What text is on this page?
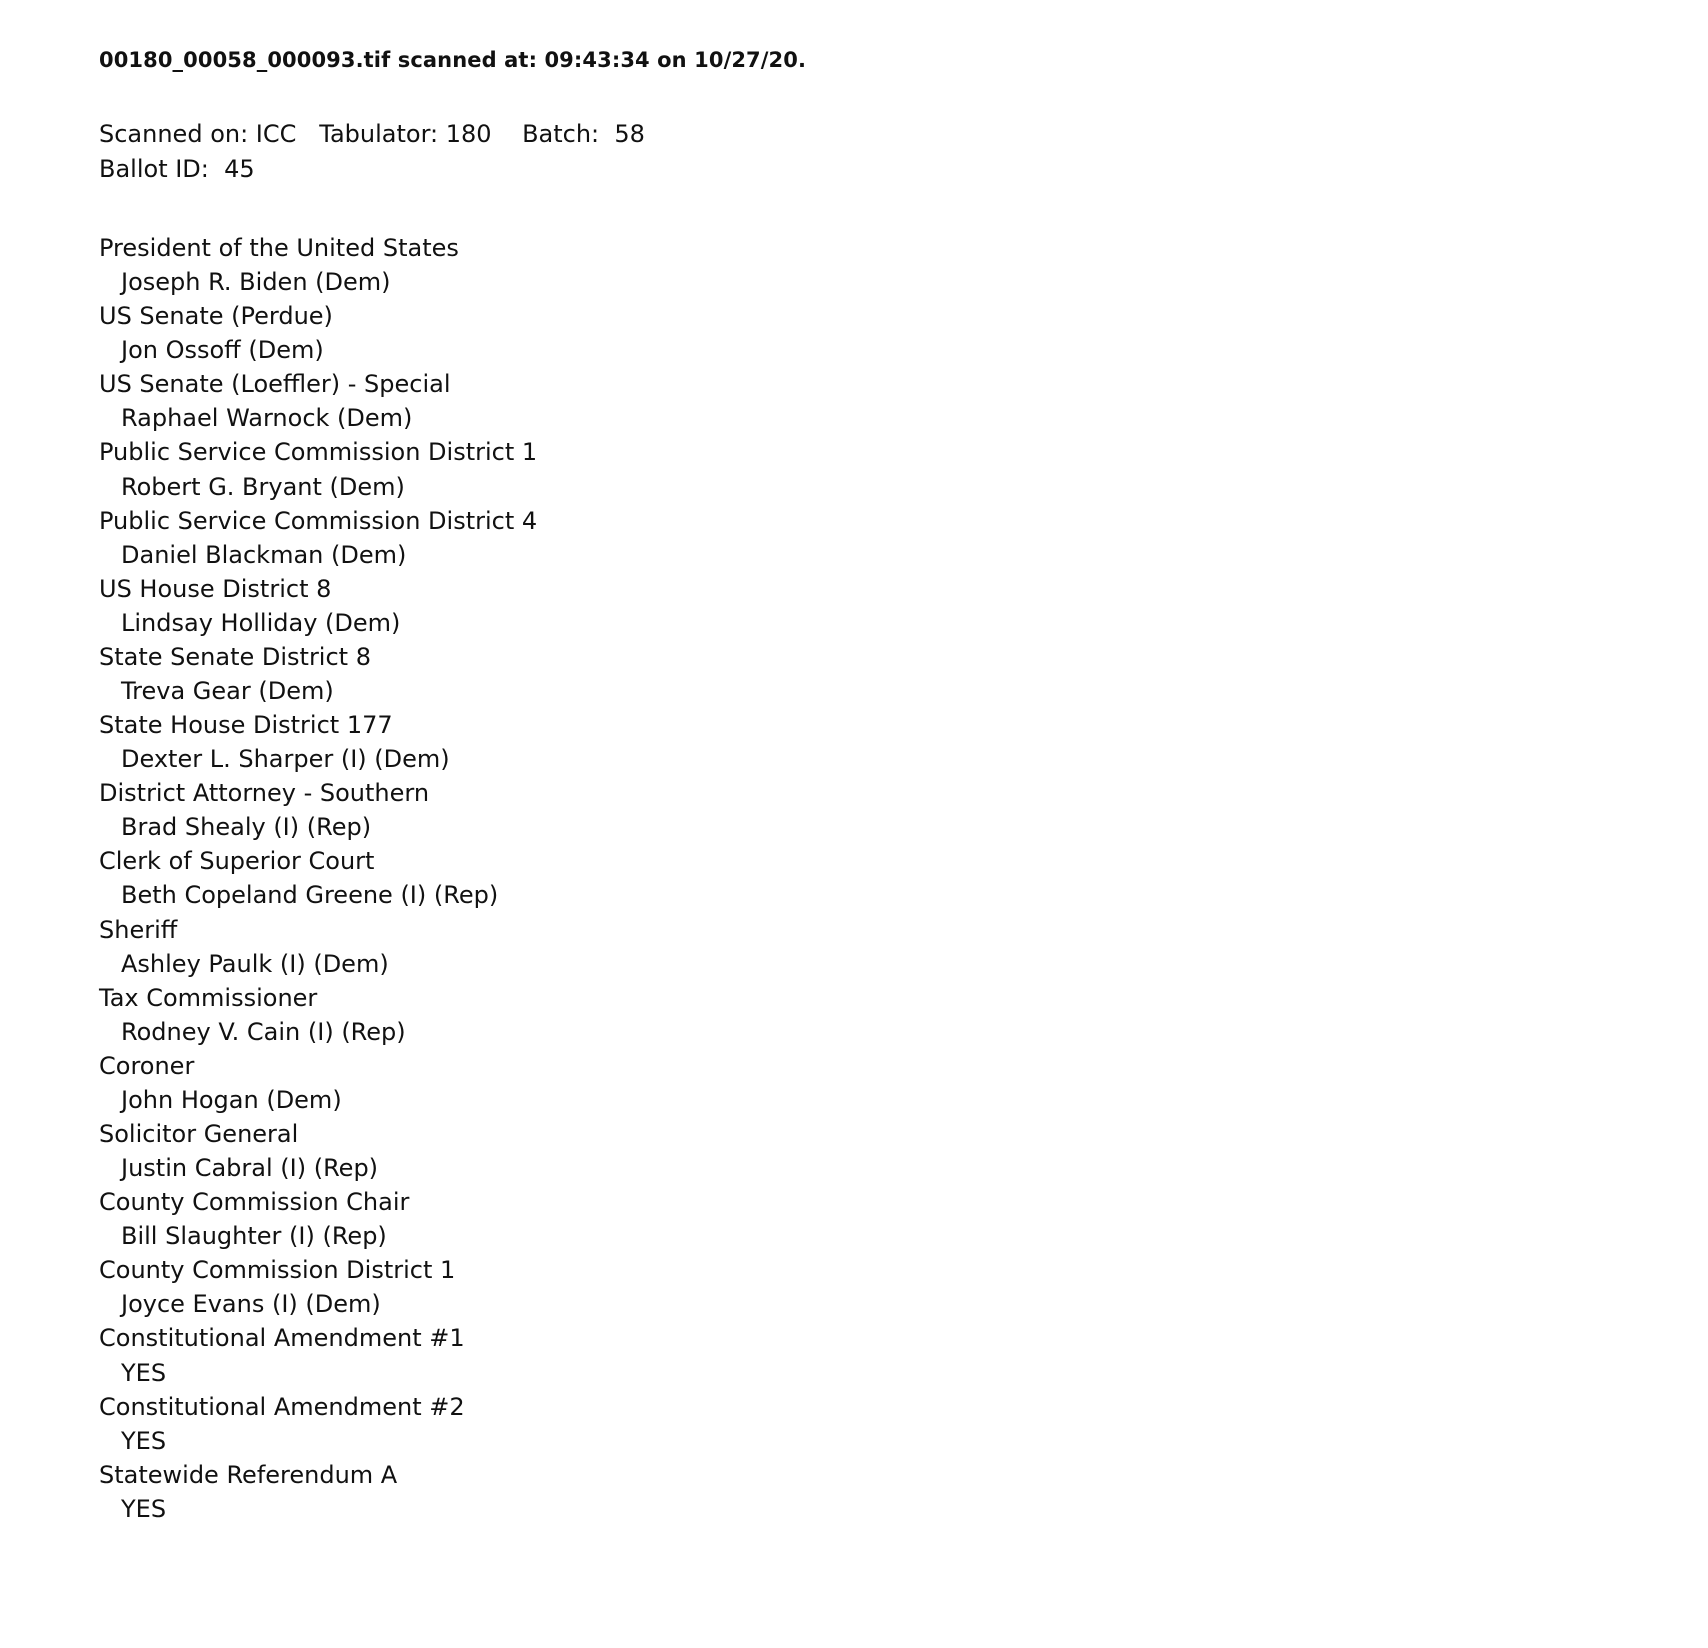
00180_00058_000093.tif scanned at: 09:43:34 on 10/27/20.
Scanned on: ICC   Tabulator: 180    Batch:  58
Ballot ID:  45
President of the United States
Joseph R. Biden (Dem)
US Senate (Perdue)
Jon Ossoff (Dem)
US Senate (Loeffler) - Special
Raphael Warnock (Dem)
Public Service Commission District 1
Robert G. Bryant (Dem)
Public Service Commission District 4
Daniel Blackman (Dem)
US House District 8
Lindsay Holliday (Dem)
State Senate District 8
Treva Gear (Dem)
State House District 177
Dexter L. Sharper (I) (Dem)
District Attorney - Southern
Brad Shealy (I) (Rep)
Clerk of Superior Court
Beth Copeland Greene (I) (Rep)
Sheriff
Ashley Paulk (I) (Dem)
Tax Commissioner
Rodney V. Cain (I) (Rep)
Coroner
John Hogan (Dem)
Solicitor General
Justin Cabral (I) (Rep)
County Commission Chair
Bill Slaughter (I) (Rep)
County Commission District 1
Joyce Evans (I) (Dem)
Constitutional Amendment #1
YES
Constitutional Amendment #2
YES
Statewide Referendum A
YES
